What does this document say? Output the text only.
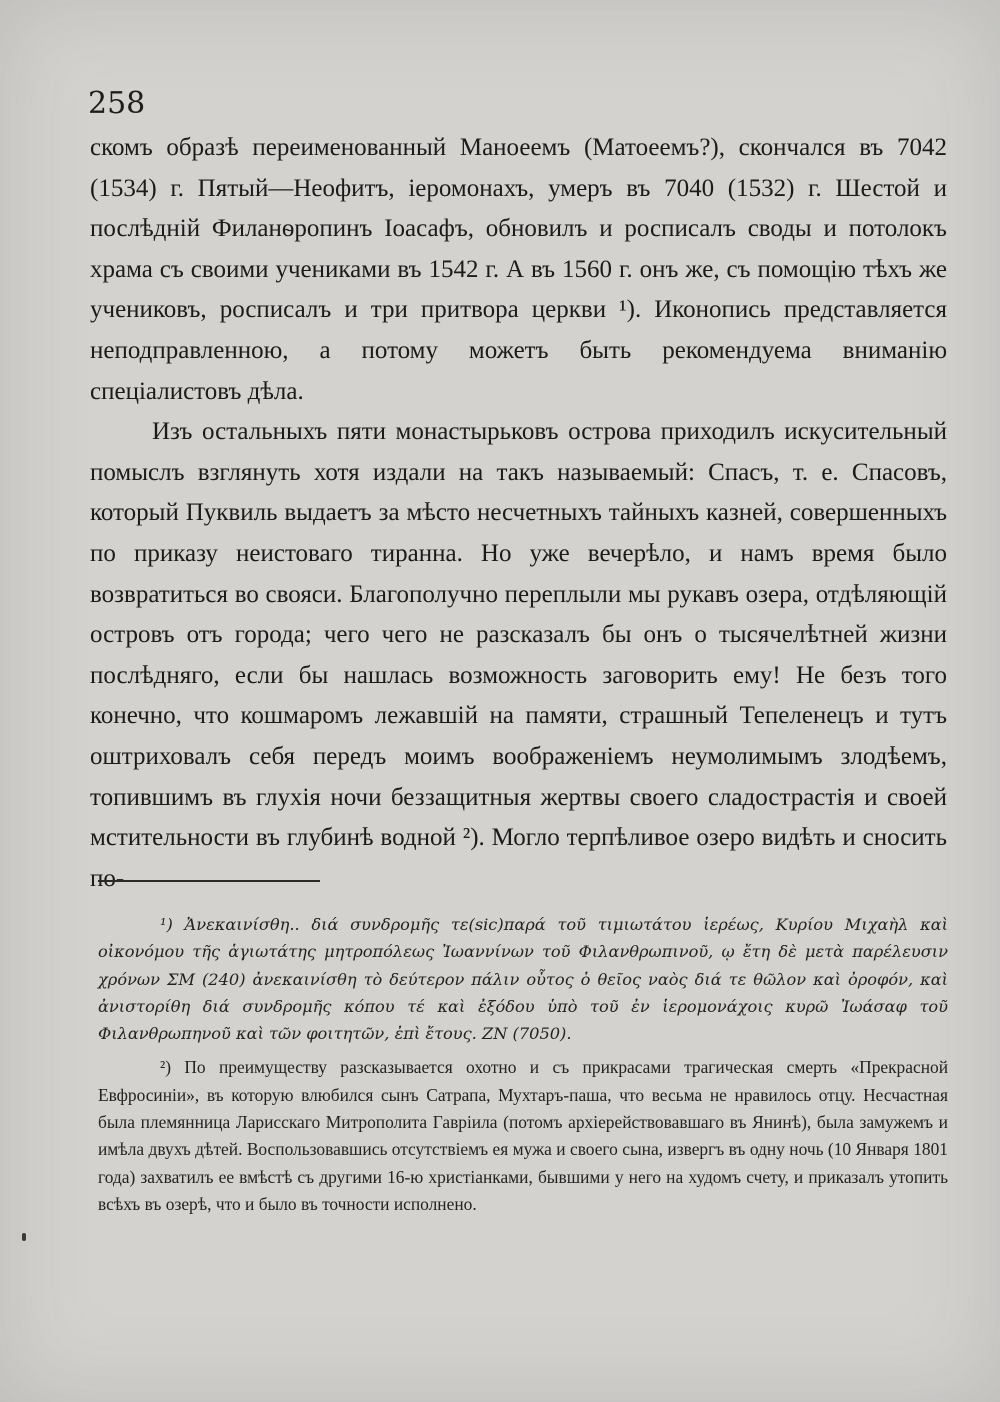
258

скомъ образѣ переименованный Маноеемъ (Матоеемъ?), скончался въ 7042 (1534) г. Пятый—Неофитъ, іеромонахъ, умеръ въ 7040 (1532) г. Шестой и послѣдній Филанѳропинъ Іоасафъ, обновилъ и росписалъ своды и потолокъ храма съ своими учениками въ 1542 г. А въ 1560 г. онъ же, съ помощію тѣхъ же учениковъ, росписалъ и три притвора церкви ¹). Иконопись представляется неподправленною, а потому можетъ быть рекомендуема вниманію спеціалистовъ дѣла.

Изъ остальныхъ пяти монастырьковъ острова приходилъ искусительный помыслъ взглянуть хотя издали на такъ называемый: Спасъ, т. е. Спасовъ, который Пуквиль выдаетъ за мѣсто несчетныхъ тайныхъ казней, совершенныхъ по приказу неистоваго тиранна. Но уже вечерѣло, и намъ время было возвратиться во свояси. Благополучно переплыли мы рукавъ озера, отдѣляющій островъ отъ города; чего чего не разсказалъ бы онъ о тысячелѣтней жизни послѣдняго, если бы нашлась возможность заговорить ему! Не безъ того конечно, что кошмаромъ лежавшій на памяти, страшный Тепеленецъ и тутъ оштриховалъ себя передъ моимъ воображеніемъ неумолимымъ злодѣемъ, топившимъ въ глухія ночи беззащитныя жертвы своего сладострастія и своей мстительности въ глубинѣ водной ²). Могло терпѣливое озеро видѣть и сносить по-

¹) Ἀνεκαινίσθη.. διά συνδρομῆς τε(sic)παρά τοῦ τιμιωτάτου ἱερέως, Κυρίου Μιχαὴλ καὶ οἰκονόμου τῆς ἁγιωτάτης μητροπόλεως Ἰωαννίνων τοῦ Φιλανθρωπινοῦ, ῳ ἔτη δὲ μετὰ παρέλευσιν χρόνων ΣΜ (240) ἀνεκαινίσθη τὸ δεύτερον πάλιν οὗτος ὁ θεῖος ναὸς διά τε θῶλον καὶ ὀροφόν, καὶ ἀνιστορίθη διά συνδρομῆς κόπου τέ καὶ ἐξόδου ὑπὸ τοῦ ἐν ἱερομονάχοις κυρῶ Ἰωάσαφ τοῦ Φιλανθρωπηνοῦ καὶ τῶν φοιτητῶν, ἐπὶ ἔτους. ΖΝ (7050).

²) По преимуществу разсказывается охотно и съ прикрасами трагическая смерть «Прекрасной Евфросиніи», въ которую влюбился сынъ Сатрапа, Мухтаръ-паша, что весьма не нравилось отцу. Несчастная была племянница Ларисскаго Митрополита Гавріила (потомъ архіерействовавшаго въ Янинѣ), была замужемъ и имѣла двухъ дѣтей. Воспользовавшись отсутствіемъ ея мужа и своего сына, извергъ въ одну ночь (10 Января 1801 года) захватилъ ее вмѣстѣ съ другими 16-ю христіанками, бывшими у него на худомъ счету, и приказалъ утопить всѣхъ въ озерѣ, что и было въ точности исполнено.
